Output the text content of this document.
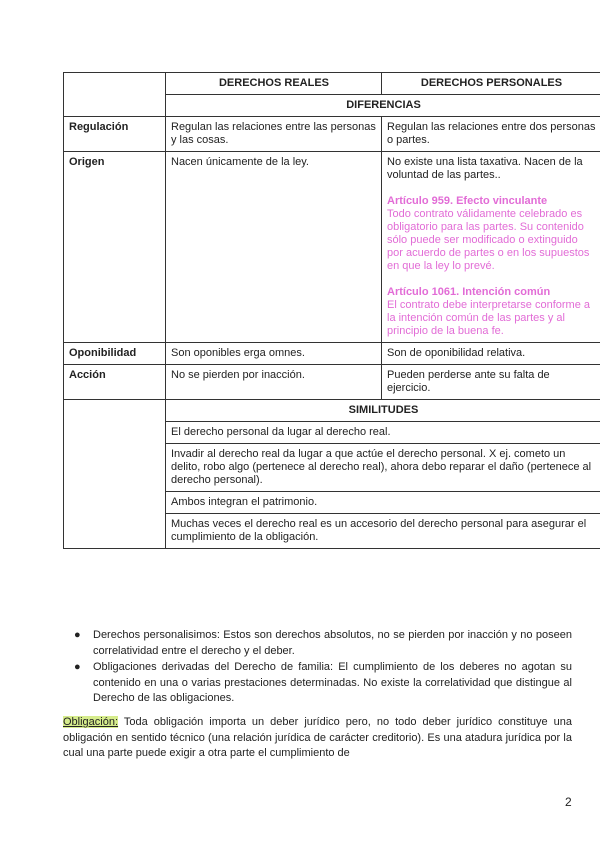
	DERECHOS REALES	DERECHOS PERSONALES
	DIFERENCIAS	
Regulación	Regulan las relaciones entre las personas y las cosas.	Regulan las relaciones entre dos personas o partes.
Origen	Nacen únicamente de la ley.	No existe una lista taxativa. Nacen de la voluntad de las partes..
Artículo 959. Efecto vinculante
Todo contrato válidamente celebrado es obligatorio para las partes. Su contenido sólo puede ser modificado o extinguido por acuerdo de partes o en los supuestos en que la ley lo prevé.
Artículo 1061. Intención común
El contrato debe interpretarse conforme a la intención común de las partes y al principio de la buena fe.

Oponibilidad	Son oponibles erga omnes.	Son de oponibilidad relativa.
Acción	No se pierden por inacción.	Pueden perderse ante su falta de ejercicio.
	SIMILITUDES	
	El derecho personal da lugar al derecho real.	
	Invadir al derecho real da lugar a que actúe el derecho personal. X ej. cometo un delito, robo algo (pertenece al derecho real), ahora debo reparar el daño (pertenece al derecho personal).	
	Ambos integran el patrimonio.	
	Muchas veces el derecho real es un accesorio del derecho personal para asegurar el cumplimiento de la obligación.	
● Derechos personalisimos: Estos son derechos absolutos, no se pierden por inacción y no poseen correlatividad entre el derecho y el deber.
● Obligaciones derivadas del Derecho de familia: El cumplimiento de los deberes no agotan su contenido en una o varias prestaciones determinadas. No existe la correlatividad que distingue al Derecho de las obligaciones.

Obligación: Toda obligación importa un deber jurídico pero, no todo deber jurídico constituye una obligación en sentido técnico (una relación jurídica de carácter creditorio). Es una atadura jurídica por la cual una parte puede exigir a otra parte el cumplimiento de

2
